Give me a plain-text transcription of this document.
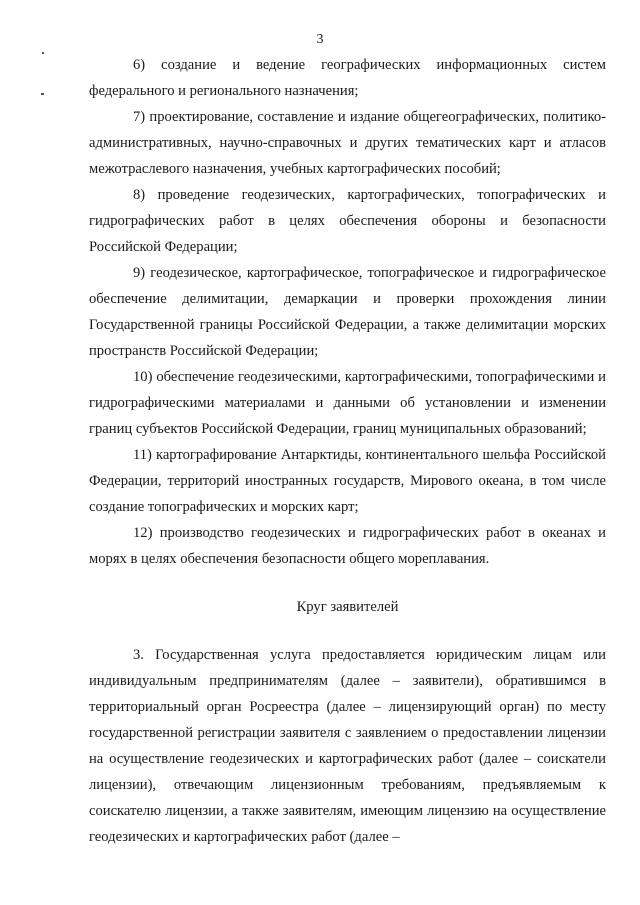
3

6) создание и ведение географических информационных систем федерального и регионального назначения;

7) проектирование, составление и издание общегеографических, политико-административных, научно-справочных и других тематических карт и атласов межотраслевого назначения, учебных картографических пособий;

8) проведение геодезических, картографических, топографических и гидрографических работ в целях обеспечения обороны и безопасности Российской Федерации;

9) геодезическое, картографическое, топографическое и гидрографическое обеспечение делимитации, демаркации и проверки прохождения линии Государственной границы Российской Федерации, а также делимитации морских пространств Российской Федерации;

10) обеспечение геодезическими, картографическими, топографическими и гидрографическими материалами и данными об установлении и изменении границ субъектов Российской Федерации, границ муниципальных образований;

11) картографирование Антарктиды, континентального шельфа Российской Федерации, территорий иностранных государств, Мирового океана, в том числе создание топографических и морских карт;

12) производство геодезических и гидрографических работ в океанах и морях в целях обеспечения безопасности общего мореплавания.

Круг заявителей

3. Государственная услуга предоставляется юридическим лицам или индивидуальным предпринимателям (далее – заявители), обратившимся в территориальный орган Росреестра (далее – лицензирующий орган) по месту государственной регистрации заявителя с заявлением о предоставлении лицензии на осуществление геодезических и картографических работ (далее – соискатели лицензии), отвечающим лицензионным требованиям, предъявляемым к соискателю лицензии, а также заявителям, имеющим лицензию на осуществление геодезических и картографических работ (далее –
